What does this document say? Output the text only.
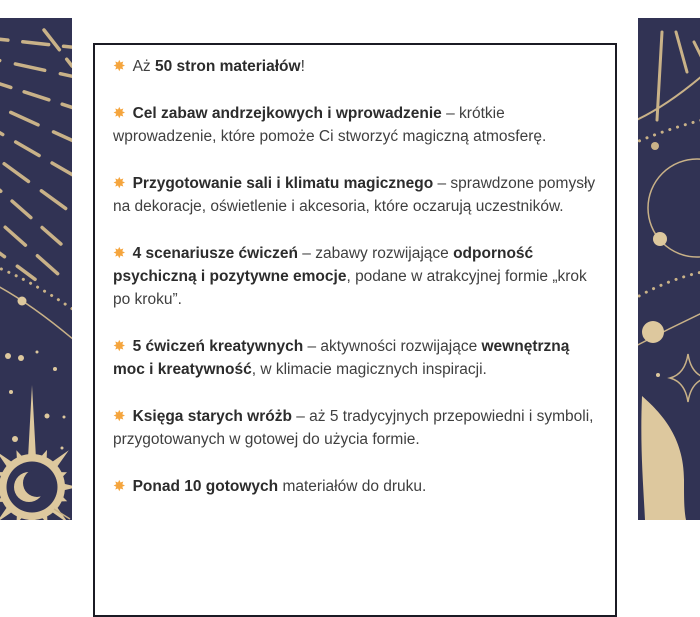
✸ Aż 50 stron materiałów!

✸ Cel zabaw andrzejkowych i wprowadzenie – krótkie wprowadzenie, które pomoże Ci stworzyć magiczną atmosferę.

✸ Przygotowanie sali i klimatu magicznego – sprawdzone pomysły na dekoracje, oświetlenie i akcesoria, które oczarują uczestników.

✸ 4 scenariusze ćwiczeń – zabawy rozwijające odporność psychiczną i pozytywne emocje, podane w atrakcyjnej formie „krok po kroku”.

✸ 5 ćwiczeń kreatywnych – aktywności rozwijające wewnętrzną moc i kreatywność, w klimacie magicznych inspiracji.

✸ Księga starych wróżb – aż 5 tradycyjnych przepowiedni i symboli, przygotowanych w gotowej do użycia formie.

✸ Ponad 10 gotowych materiałów do druku.
